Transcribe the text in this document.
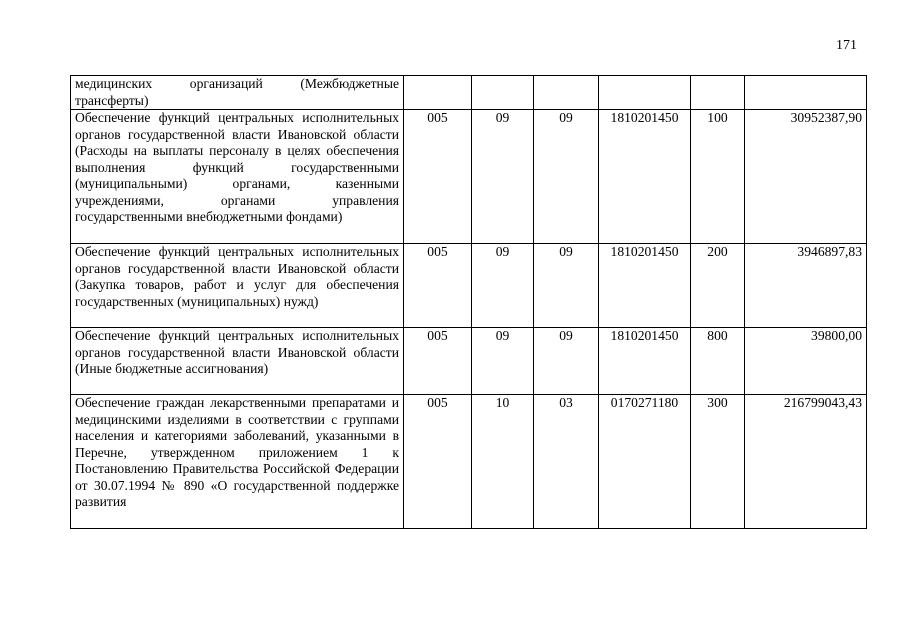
171
медицинских организаций (Межбюджетные трансферты)						
Обеспечение функций центральных исполнительных органов государственной власти Ивановской области (Расходы на выплаты персоналу в целях обеспечения выполнения функций государственными (муниципальными) органами, казенными учреждениями, органами управления государственными внебюджетными фондами)	005	09	09	1810201450	100	30952387,90
Обеспечение функций центральных исполнительных органов государственной власти Ивановской области (Закупка товаров, работ и услуг для обеспечения государственных (муниципальных) нужд)	005	09	09	1810201450	200	3946897,83
Обеспечение функций центральных исполнительных органов государственной власти Ивановской области (Иные бюджетные ассигнования)	005	09	09	1810201450	800	39800,00
Обеспечение граждан лекарственными препаратами и медицинскими изделиями в соответствии с группами населения и категориями заболеваний, указанными в Перечне, утвержденном приложением 1 к Постановлению Правительства Российской Федерации от 30.07.1994 № 890 «О государственной поддержке развития	005	10	03	0170271180	300	216799043,43
